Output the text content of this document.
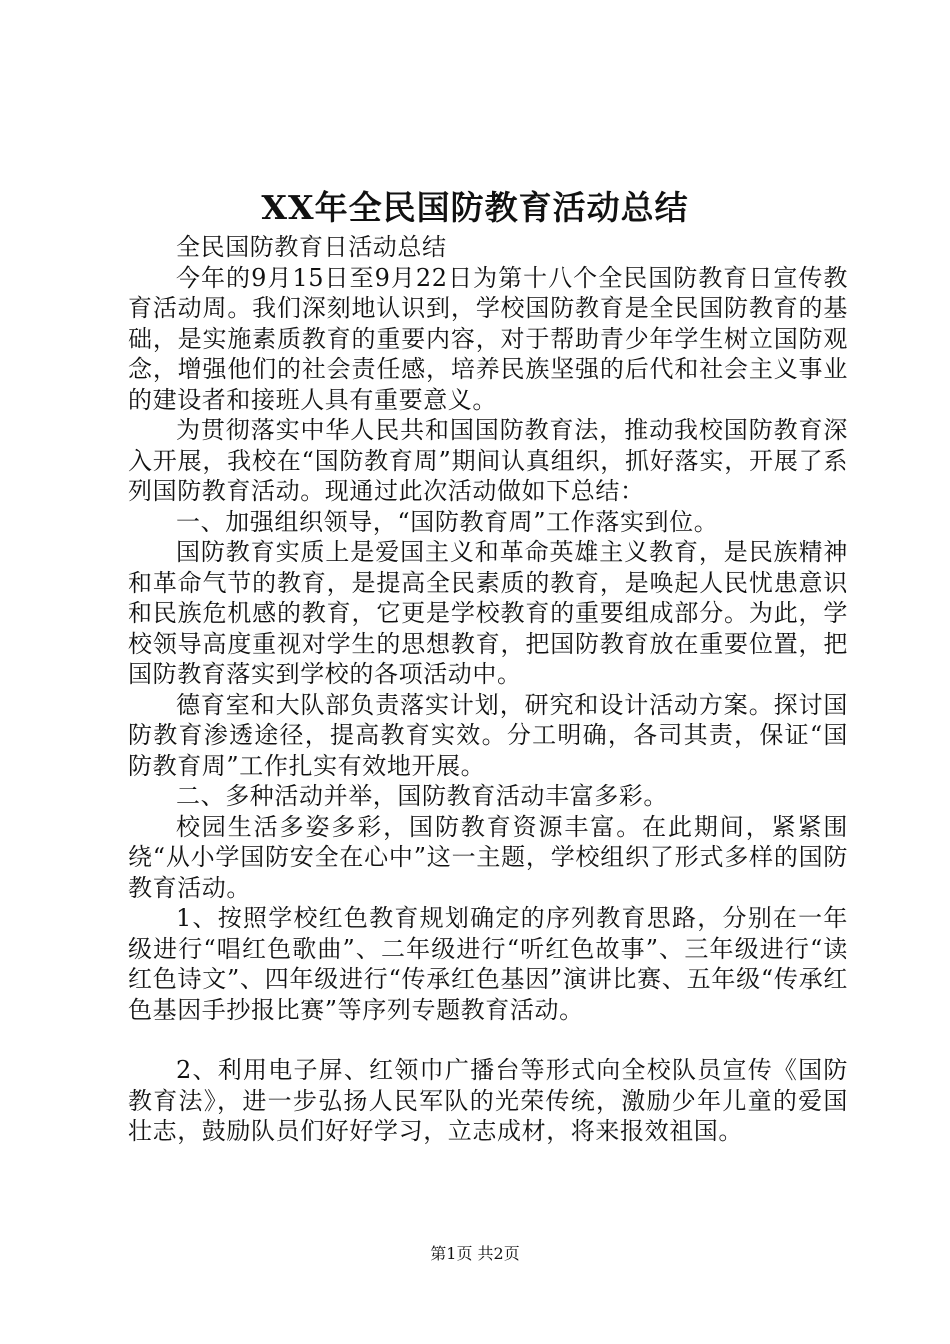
XX年全民国防教育活动总结

全民国防教育日活动总结

今年的9月15日至9月22日为第十八个全民国防教育日宣传教育活动周。我们深刻地认识到，学校国防教育是全民国防教育的基础，是实施素质教育的重要内容，对于帮助青少年学生树立国防观念，增强他们的社会责任感，培养民族坚强的后代和社会主义事业的建设者和接班人具有重要意义。

为贯彻落实中华人民共和国国防教育法，推动我校国防教育深入开展，我校在“国防教育周”期间认真组织，抓好落实，开展了系列国防教育活动。现通过此次活动做如下总结：

一、加强组织领导，“国防教育周”工作落实到位。

国防教育实质上是爱国主义和革命英雄主义教育，是民族精神和革命气节的教育，是提高全民素质的教育，是唤起人民忧患意识和民族危机感的教育，它更是学校教育的重要组成部分。为此，学校领导高度重视对学生的思想教育，把国防教育放在重要位置，把国防教育落实到学校的各项活动中。

德育室和大队部负责落实计划，研究和设计活动方案。探讨国防教育渗透途径，提高教育实效。分工明确，各司其责，保证“国防教育周”工作扎实有效地开展。

二、多种活动并举，国防教育活动丰富多彩。

校园生活多姿多彩，国防教育资源丰富。在此期间，紧紧围绕“从小学国防安全在心中”这一主题，学校组织了形式多样的国防教育活动。

1、按照学校红色教育规划确定的序列教育思路，分别在一年级进行“唱红色歌曲”、二年级进行“听红色故事”、三年级进行“读红色诗文”、四年级进行“传承红色基因”演讲比赛、五年级“传承红色基因手抄报比赛”等序列专题教育活动。

2、利用电子屏、红领巾广播台等形式向全校队员宣传《国防教育法》，进一步弘扬人民军队的光荣传统，激励少年儿童的爱国壮志，鼓励队员们好好学习，立志成材，将来报效祖国。

第1页 共2页
